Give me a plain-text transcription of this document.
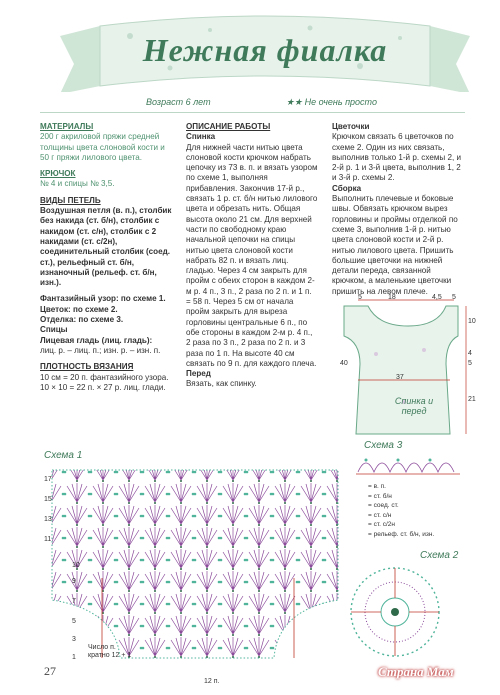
Нежная фиалка
Возраст 6 лет	★★ Не очень просто

МАТЕРИАЛЫ

200 г акриловой пряжи средней толщины цвета слоновой кости и 50 г пряжи лилового цвета.

КРЮЧОК

№ 4 и спицы № 3,5.

ВИДЫ ПЕТЕЛЬ

Воздушная петля (в. п.), столбик без накида (ст. б/н), столбик с накидом (ст. с/н), столбик с 2 накидами (ст. с/2н), соединительный столбик (соед. ст.), рельефный ст. б/н, изнаночный (рельеф. ст. б/н, изн.).

Фантазийный узор: по схеме 1.

Цветок: по схеме 2.

Отделка: по схеме 3.

Спицы

Лицевая гладь (лиц. гладь):

лиц. р. – лиц. п.; изн. р. – изн. п.

ПЛОТНОСТЬ ВЯЗАНИЯ

10 см = 20 п. фантазийного узора.

10 × 10 = 22 п. × 27 р. лиц. глади.

ОПИСАНИЕ РАБОТЫ

Спинка

Для нижней части нитью цвета слоновой кости крючком набрать цепочку из 73 в. п. и вязать узором по схеме 1, выполняя прибавления. Закончив 17-й р., связать 1 р. ст. б/н нитью лилового цвета и обрезать нить. Общая высота около 21 см. Для верхней части по свободному краю начальной цепочки на спицы нитью цвета слоновой кости набрать 82 п. и вязать лиц. гладью. Через 4 см закрыть для пройм с обеих сторон в каждом 2-м р. 4 п., 3 п., 2 раза по 2 п. и 1 п. = 58 п. Через 5 см от начала пройм закрыть для выреза горловины центральные 6 п., по обе стороны в каждом 2-м р. 4 п., 2 раза по 3 п., 2 раза по 2 п. и 3 раза по 1 п. На высоте 40 см связать по 9 п. для каждого плеча.

Перед

Вязать, как спинку.

Цветочки

Крючком связать 6 цветочков по схеме 2. Один из них связать, выполнив только 1-й р. схемы 2, и 2-й р. 1 и 3-й цвета, выполнив 1, 2 и 3-й р. схемы 2.

Сборка

Выполнить плечевые и боковые швы. Обвязать крючком вырез горловины и проймы отделкой по схеме 3, выполнив 1-й р. нитью цвета слоновой кости и 2-й р. нитью лилового цвета. Пришить большие цветочки на нижней детали переда, связанной крючком, а маленькие цветочки пришить на левом плече.

5	18	4,5 5
10
4
5
21
37
40
Спинка и перед
Схема 3

= в. п.

= ст. б/н

= соед. ст.

= ст. с/н

= ст. с/2н

= рельеф. ст. б/н, изн.

Схема 2
Схема 1
17
15
13
11
10
9
7
5
3
1
Число п. кратно 12 + 1
12 п.
27	Страна Мам
